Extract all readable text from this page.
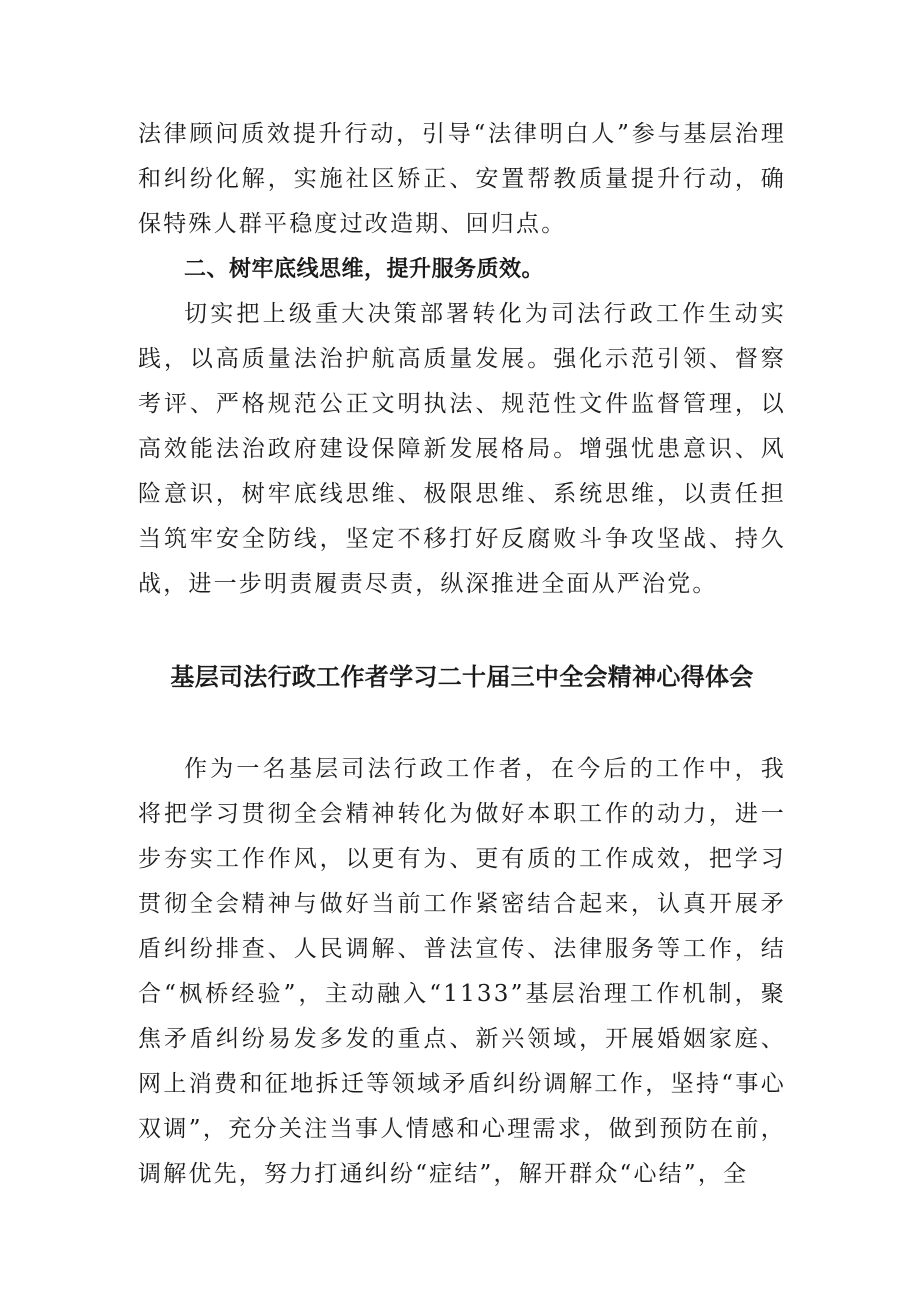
法律顾问质效提升行动，引导“法律明白人”参与基层治理和纠纷化解，实施社区矫正、安置帮教质量提升行动，确保特殊人群平稳度过改造期、回归点。

二、树牢底线思维，提升服务质效。

切实把上级重大决策部署转化为司法行政工作生动实践，以高质量法治护航高质量发展。强化示范引领、督察考评、严格规范公正文明执法、规范性文件监督管理，以高效能法治政府建设保障新发展格局。增强忧患意识、风险意识，树牢底线思维、极限思维、系统思维，以责任担当筑牢安全防线，坚定不移打好反腐败斗争攻坚战、持久战，进一步明责履责尽责，纵深推进全面从严治党。

基层司法行政工作者学习二十届三中全会精神心得体会

作为一名基层司法行政工作者，在今后的工作中，我将把学习贯彻全会精神转化为做好本职工作的动力，进一步夯实工作作风，以更有为、更有质的工作成效，把学习贯彻全会精神与做好当前工作紧密结合起来，认真开展矛盾纠纷排查、人民调解、普法宣传、法律服务等工作，结合“枫桥经验”，主动融入“1133”基层治理工作机制，聚焦矛盾纠纷易发多发的重点、新兴领域，开展婚姻家庭、网上消费和征地拆迁等领域矛盾纠纷调解工作，坚持“事心双调”，充分关注当事人情感和心理需求，做到预防在前，调解优先，努力打通纠纷“症结”，解开群众“心结”，全
